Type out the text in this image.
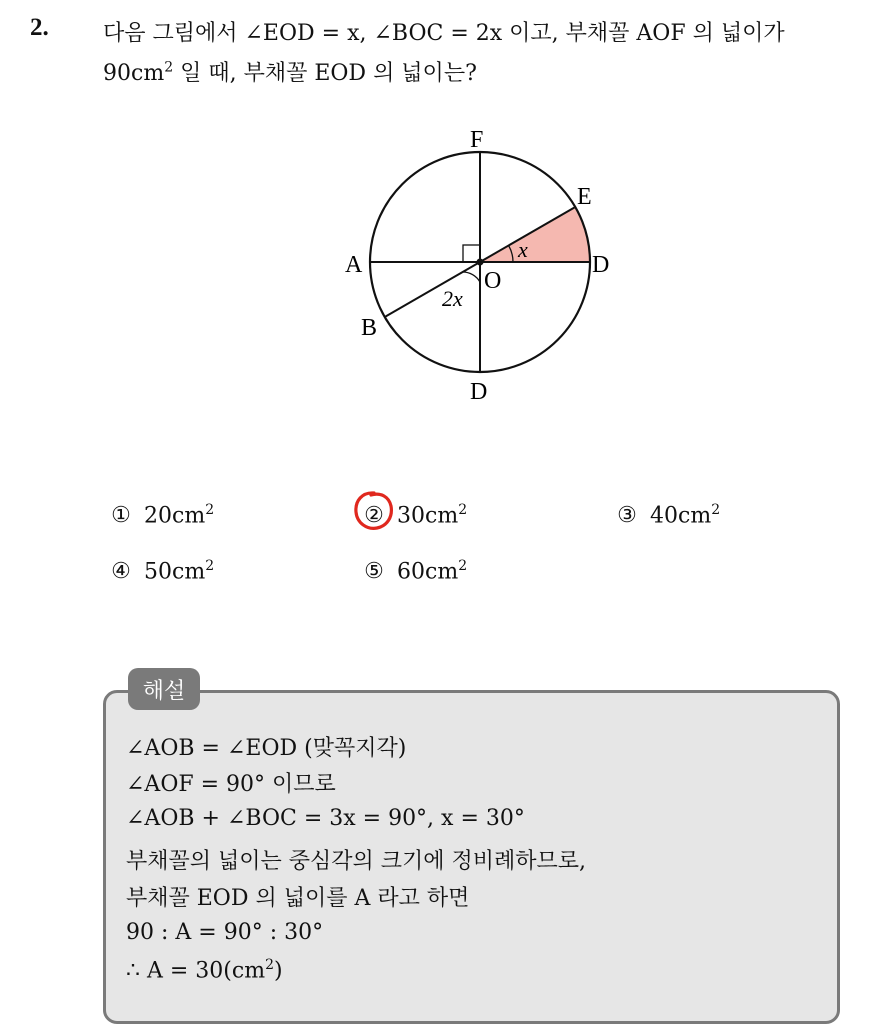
2. 다음 그림에서 ∠EOD = x, ∠BOC = 2x 이고, 부채꼴 AOF 의 넓이가
$90cm^2$ 일 때, 부채꼴 EOD 의 넓이는?
F
E
A	D
O
B
D
x
2x
① $20cm^2$	② $30cm^2$	③ $40cm^2$
④ $50cm^2$	⑤ $60cm^2$
해설
∠AOB = ∠EOD (맞꼭지각)
∠AOF = 90° 이므로
∠AOB + ∠BOC = 3x = 90°, x = 30°
부채꼴의 넓이는 중심각의 크기에 정비례하므로,
부채꼴 EOD 의 넓이를 A 라고 하면
90 : A = 90° : 30°
∴ $A = 30(cm^2)$
